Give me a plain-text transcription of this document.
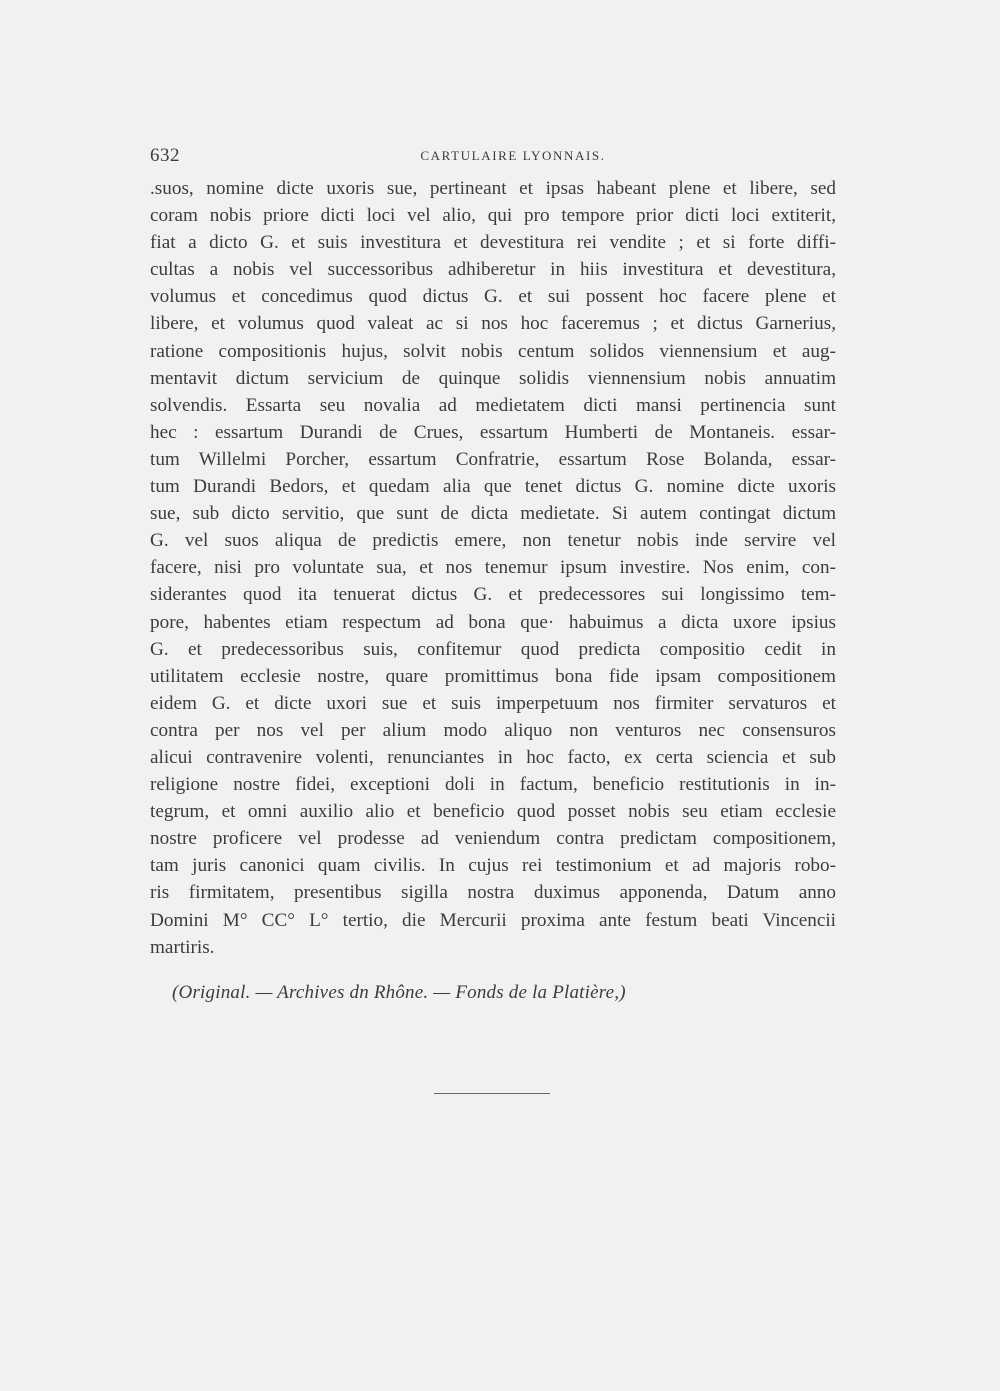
632	CARTULAIRE LYONNAIS.
.suos, nomine dicte uxoris sue, pertineant et ipsas habeant plene et libere, sed
coram nobis priore dicti loci vel alio, qui pro tempore prior dicti loci extiterit,
fiat a dicto G. et suis investitura et devestitura rei vendite ; et si forte diffi-
cultas a nobis vel successoribus adhiberetur in hiis investitura et devestitura,
volumus et concedimus quod dictus G. et sui possent hoc facere plene et
libere, et volumus quod valeat ac si nos hoc faceremus ; et dictus Garnerius,
ratione compositionis hujus, solvit nobis centum solidos viennensium et aug-
mentavit dictum servicium de quinque solidis viennensium nobis annuatim
solvendis. Essarta seu novalia ad medietatem dicti mansi pertinencia sunt
hec : essartum Durandi de Crues, essartum Humberti de Montaneis. essar-
tum Willelmi Porcher, essartum Confratrie, essartum Rose Bolanda, essar-
tum Durandi Bedors, et quedam alia que tenet dictus G. nomine dicte uxoris
sue, sub dicto servitio, que sunt de dicta medietate. Si autem contingat dictum
G. vel suos aliqua de predictis emere, non tenetur nobis inde servire vel
facere, nisi pro voluntate sua, et nos tenemur ipsum investire. Nos enim, con-
siderantes quod ita tenuerat dictus G. et predecessores sui longissimo tem-
pore, habentes etiam respectum ad bona que· habuimus a dicta uxore ipsius
G. et predecessoribus suis, confitemur quod predicta compositio cedit in
utilitatem ecclesie nostre, quare promittimus bona fide ipsam compositionem
eidem G. et dicte uxori sue et suis imperpetuum nos firmiter servaturos et
contra per nos vel per alium modo aliquo non venturos nec consensuros
alicui contravenire volenti, renunciantes in hoc facto, ex certa sciencia et sub
religione nostre fidei, exceptioni doli in factum, beneficio restitutionis in in-
tegrum, et omni auxilio alio et beneficio quod posset nobis seu etiam ecclesie
nostre proficere vel prodesse ad veniendum contra predictam compositionem,
tam juris canonici quam civilis. In cujus rei testimonium et ad majoris robo-
ris firmitatem, presentibus sigilla nostra duximus apponenda, Datum anno
Domini M° CC° L° tertio, die Mercurii proxima ante festum beati Vincencii
martiris.
(Original. — Archives dn Rhône. — Fonds de la Platière,)
